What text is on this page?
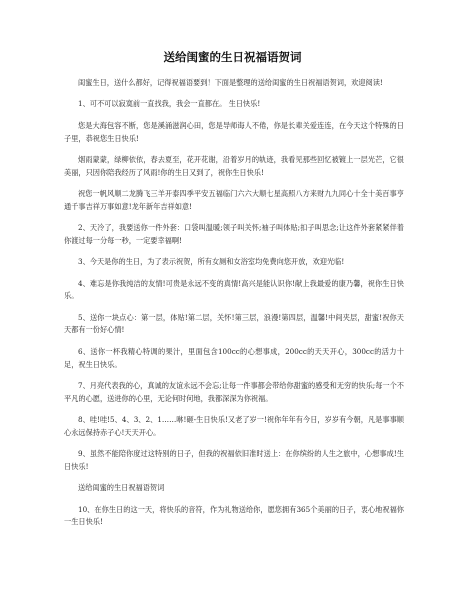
送给闺蜜的生日祝福语贺词

闺蜜生日，送什么都好，记得祝福语要到！下面是整理的送给闺蜜的生日祝福语贺词，欢迎阅读!

1、可不可以寂寞前一直找我，我会一直都在。 生日快乐!

您是大海包容不断，您是溪涌滋润心田，您是导师诲人不倦，你是长辈关爱连连，在今天这个特殊的日子里，恭祝您生日快乐!

烟雨蒙蒙，绿柳依依，春去夏至，花开花谢，沿着岁月的轨迹，我看见那些回忆被镀上一层光芒，它很美丽，只因你陪我经历了风雨!你的生日又到了，祝你生日快乐!

祝您一帆风顺二龙腾飞三羊开泰四季平安五福临门六六大顺七星高照八方来财九九同心十全十美百事亨通千事吉祥万事如意!龙年新年吉祥如意!

2、天冷了，我要送你一件外套：口袋叫温暖;领子叫关怀;袖子叫体贴;扣子叫思念;让这件外套紧紧伴着你渡过每一分每一秒，一定要幸福啊!

3、今天是你的生日，为了表示祝贺，所有女厕和女浴室均免费向您开放，欢迎光临!

4、难忘是你我纯洁的友情!可贵是永远不变的真情!高兴是能认识你!献上我最爱的康乃馨，祝你生日快乐。

5、送你一块点心：第一层，体贴!第二层，关怀!第三层，浪漫!第四层，温馨!中间夹层，甜蜜!祝你天天都有一份好心情!

6、送你一杯我精心特调的果汁，里面包含100cc的心想事成，200cc的天天开心，300cc的活力十足，祝生日快乐。

7、月亮代表我的心，真诚的友谊永远不会忘;让每一件事都会带给你甜蜜的感受和无穷的快乐;每一个不平凡的心愿，送进你的心里，无论何时何地，我都深深为你祝福。

8、哇!哇!5、4、3、2、1……咻!砸-生日快乐!又老了岁一!祝你年年有今日，岁岁有今朝，凡是事事顺心永远保持赤子心!天天开心。

9、虽然不能陪你度过这特别的日子，但我的祝福依旧准时送上：在你缤纷的人生之旅中，心想事成!生日快乐!

送给闺蜜的生日祝福语贺词

10、在你生日的这一天，将快乐的音符，作为礼物送给你，愿您拥有365个美丽的日子，衷心地祝福你一生日快乐!
